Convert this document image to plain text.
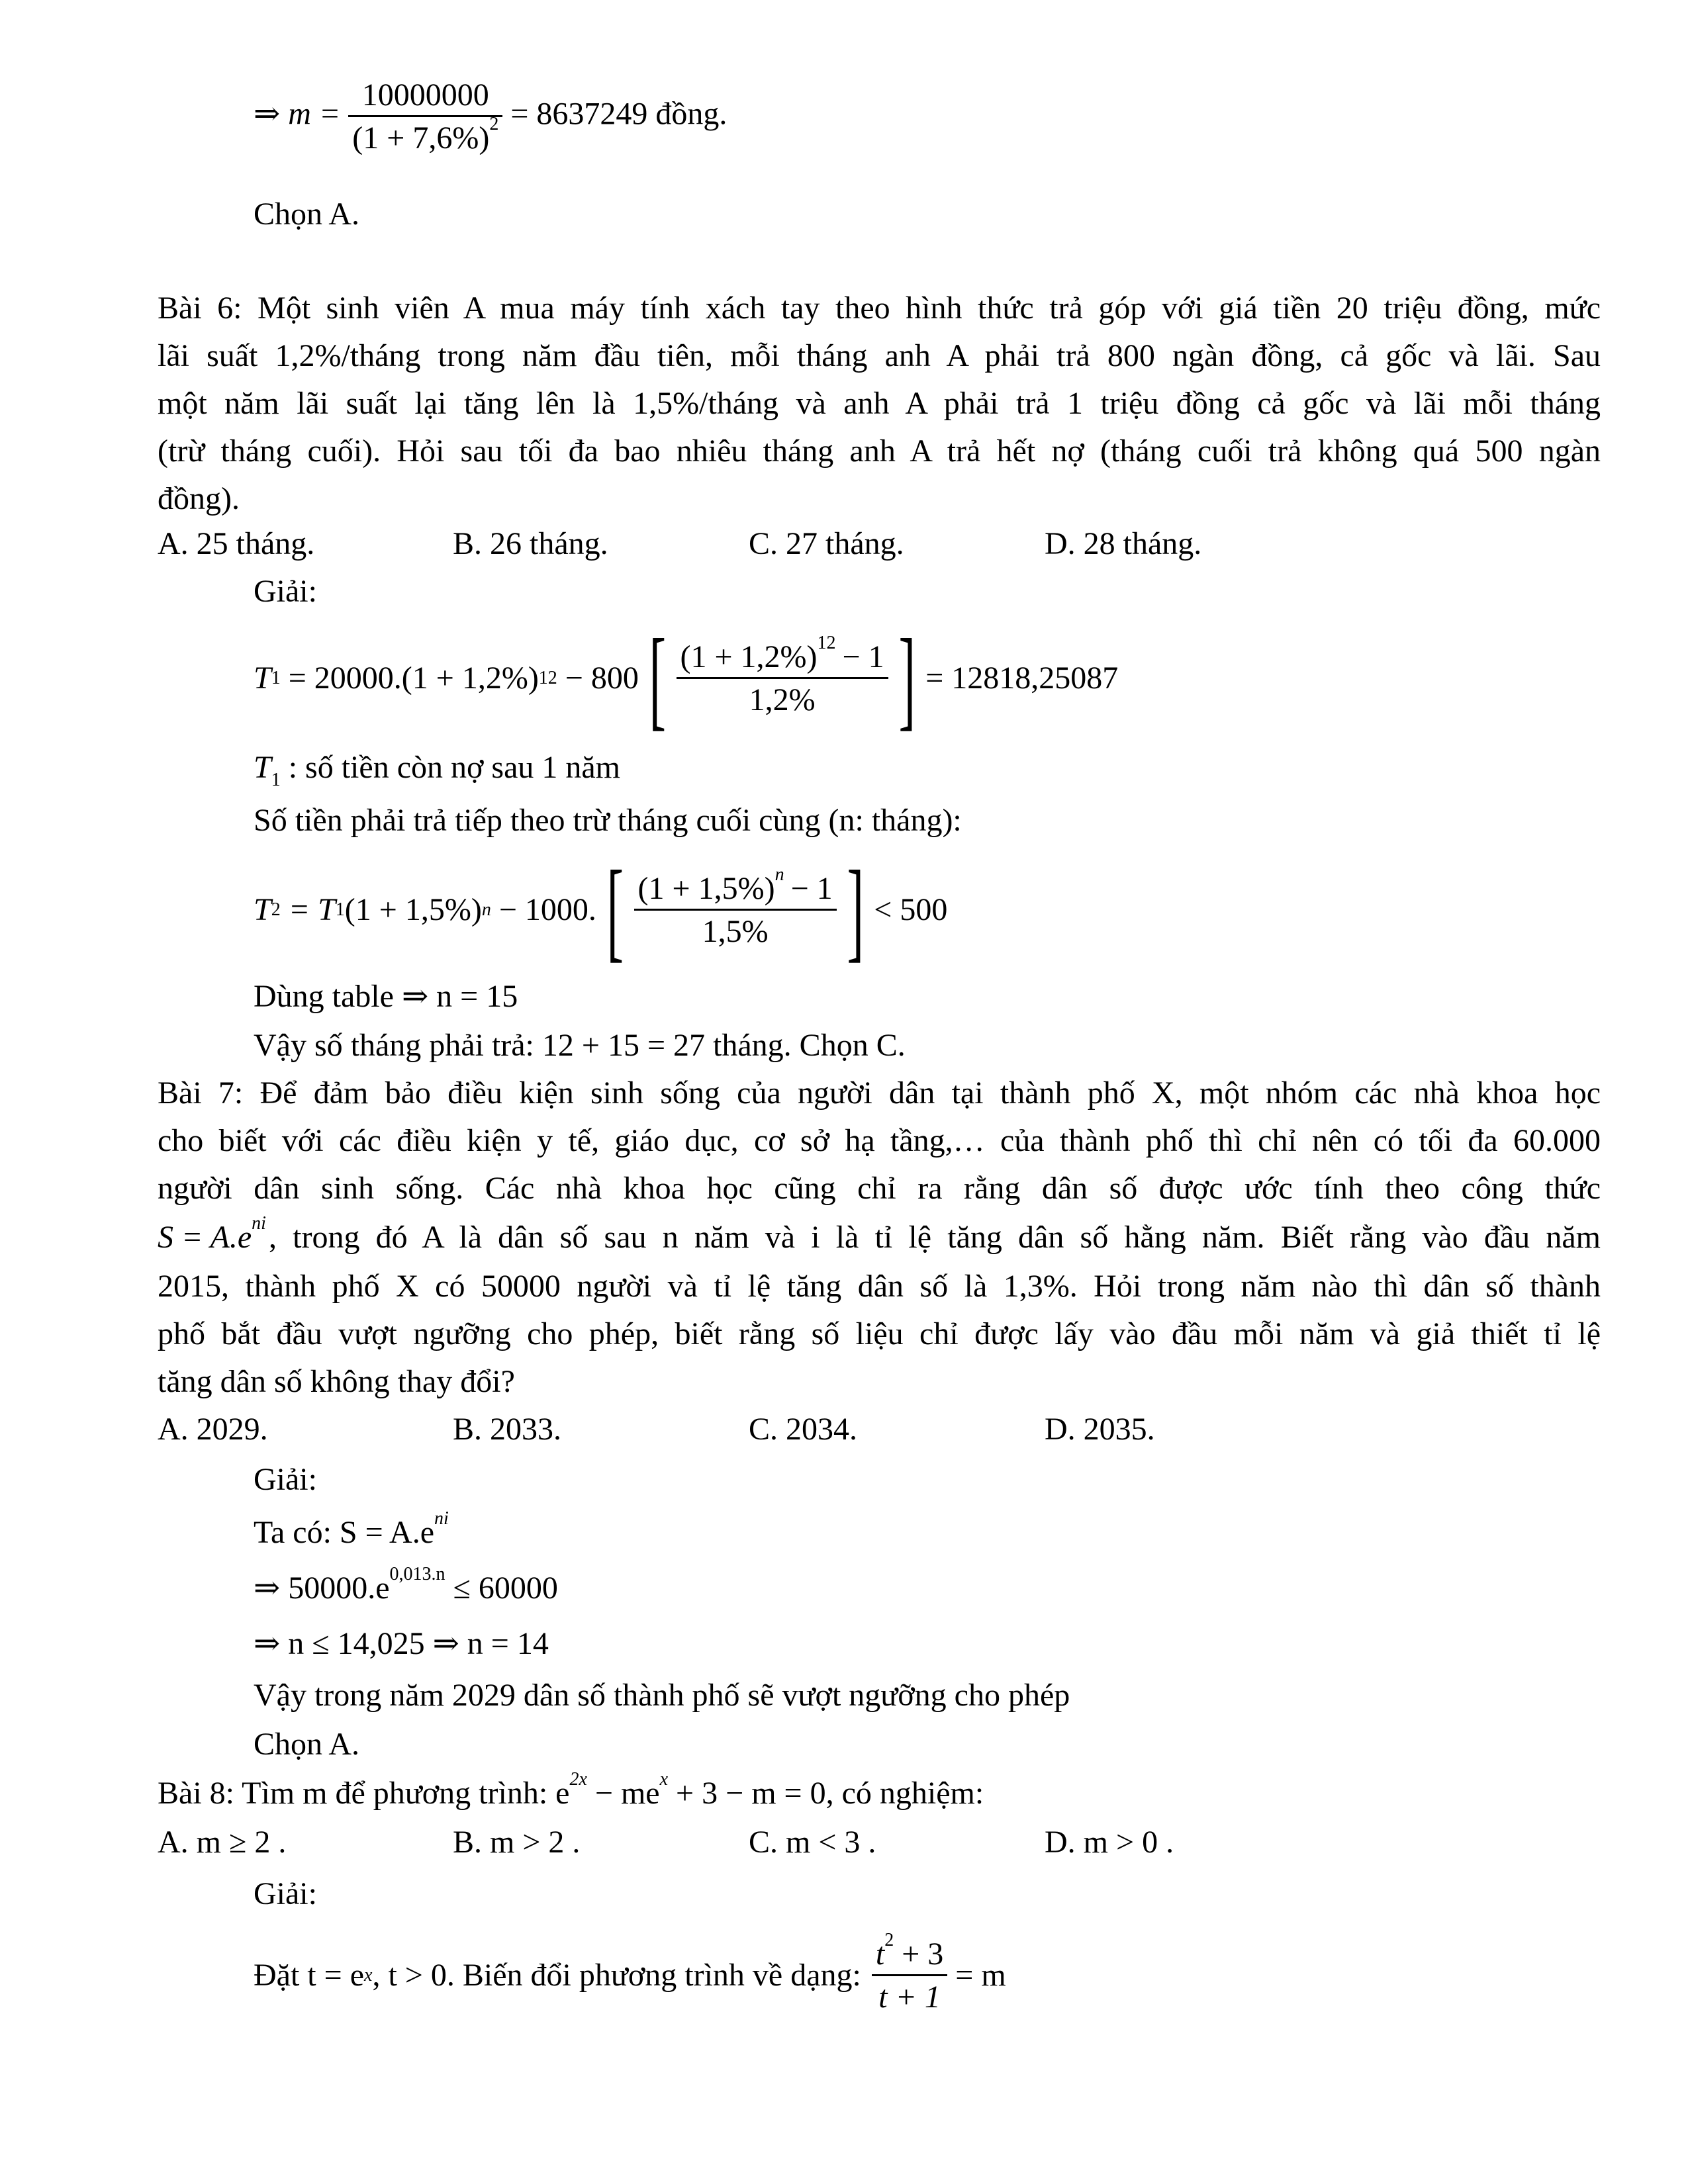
⇒ $m = \frac{10000000}{(1 + 7,6\%)^2} = 8637249$ đồng.
Chọn A.
Bài 6: Một sinh viên A mua máy tính xách tay theo hình thức trả góp với giá tiền 20 triệu đồng, mức
lãi suất 1,2%/tháng trong năm đầu tiên, mỗi tháng anh A phải trả 800 ngàn đồng, cả gốc và lãi. Sau
một năm lãi suất lại tăng lên là 1,5%/tháng và anh A phải trả 1 triệu đồng cả gốc và lãi mỗi tháng
(trừ tháng cuối). Hỏi sau tối đa bao nhiêu tháng anh A trả hết nợ (tháng cuối trả không quá 500 ngàn
đồng).
A. 25 tháng.	B. 26 tháng.	C. 27 tháng.	D. 28 tháng.
Giải:
T 1 = 20000.(1 + 1,2%) 12 − 800 [ $\frac{(1 + 1,2\%)^{12} - 1}{1,2\%}$ ] = 12818,25087
$T_1$ : số tiền còn nợ sau 1 năm
Số tiền phải trả tiếp theo trừ tháng cuối cùng (n: tháng):
T 2 = T 1 (1 + 1,5%) n − 1000. [ $\frac{(1 + 1,5\%)^n - 1}{1,5\%}$ ] < 500
Dùng table ⇒ n = 15
Vậy số tháng phải trả: 12 + 15 = 27 tháng. Chọn C.
Bài 7: Để đảm bảo điều kiện sinh sống của người dân tại thành phố X, một nhóm các nhà khoa học
cho biết với các điều kiện y tế, giáo dục, cơ sở hạ tầng,… của thành phố thì chỉ nên có tối đa 60.000
người dân sinh sống. Các nhà khoa học cũng chỉ ra rằng dân số được ước tính theo công thức
$S = A.e^{ni}$ , trong đó A là dân số sau n năm và i là tỉ lệ tăng dân số hằng năm. Biết rằng vào đầu năm
2015, thành phố X có 50000 người và tỉ lệ tăng dân số là 1,3%. Hỏi trong năm nào thì dân số thành
phố bắt đầu vượt ngưỡng cho phép, biết rằng số liệu chỉ được lấy vào đầu mỗi năm và giả thiết tỉ lệ
tăng dân số không thay đổi?
A. 2029.	B. 2033.	C. 2034.	D. 2035.
Giải:
Ta có: $S = A.e^{ni}$
⇒ $50000.e^{0,013.n} \le 60000$
⇒ n ≤ 14,025 ⇒ n = 14
Vậy trong năm 2029 dân số thành phố sẽ vượt ngưỡng cho phép
Chọn A.
Bài 8: Tìm m để phương trình: $e^{2x} - me^x + 3 - m = 0$, có nghiệm:
A. m ≥ 2 .	B. m > 2 .	C. m < 3 .	D. m > 0 .
Giải:
Đặt t = e x , t > 0. Biến đổi phương trình về dạng: $\frac{t^2 + 3}{t + 1} = m$
